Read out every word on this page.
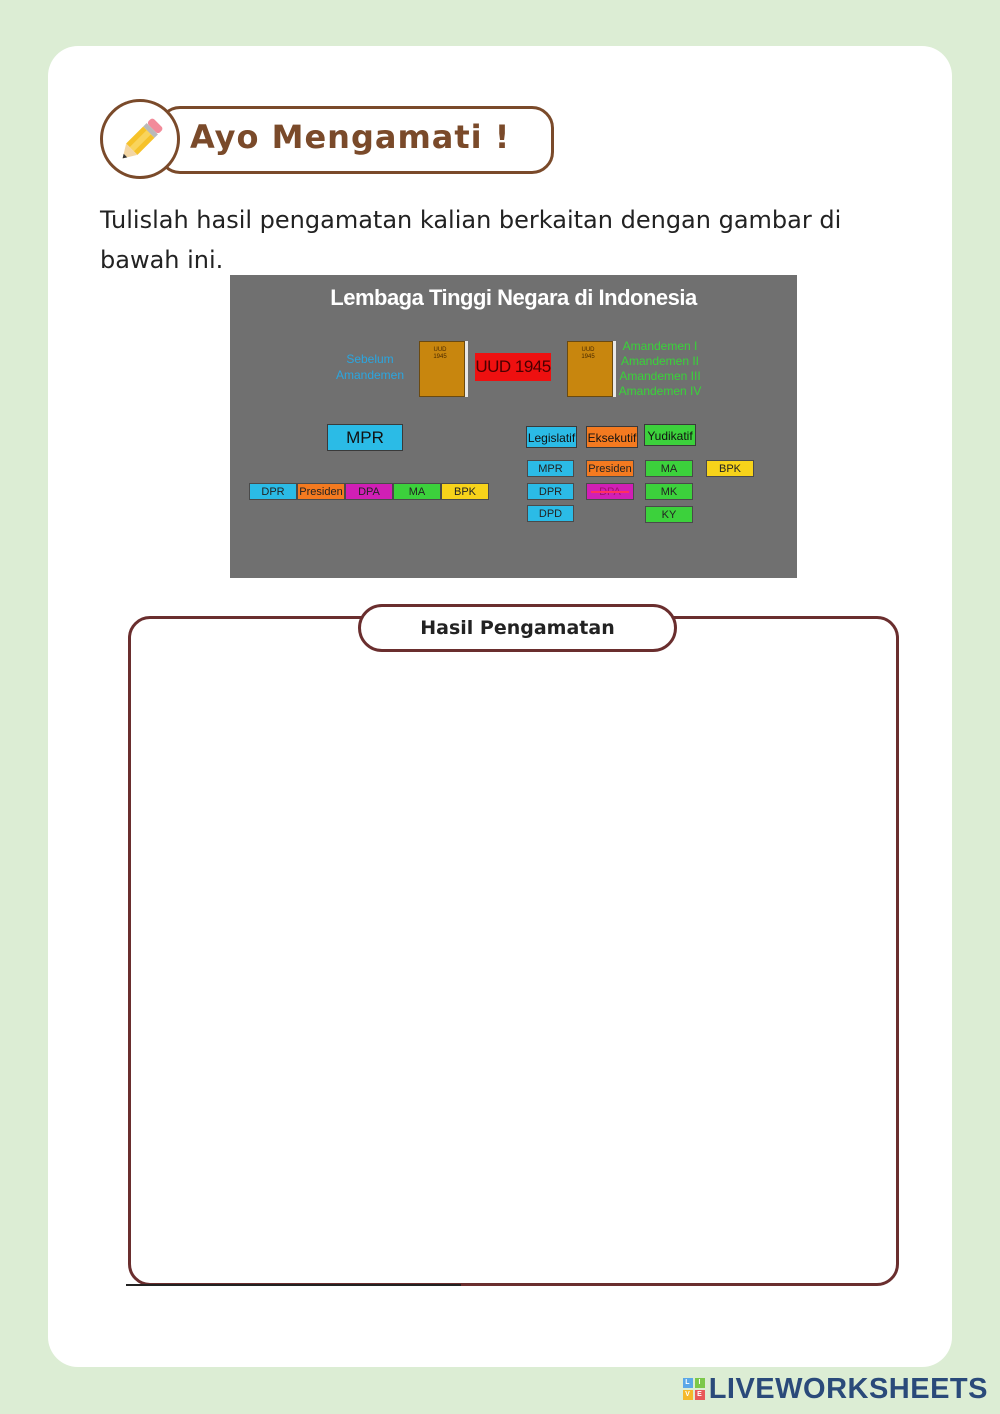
Ayo Mengamati !
Tulislah hasil pengamatan kalian berkaitan dengan gambar di bawah ini.
Lembaga Tinggi Negara di Indonesia
Sebelum
Amandemen
UUD
1945	UUD 1945
UUD
1945
Amandemen I
Amandemen II
Amandemen III
Amandemen IV
MPR
DPR	Presiden	DPA	MA	BPK
Legislatif Eksekutif Yudikatif
MPR
DPR
DPD
Presiden
DPA
MA
MK
KY
BPK
Hasil Pengamatan
L	I
V E LIVEWORKSHEETS
